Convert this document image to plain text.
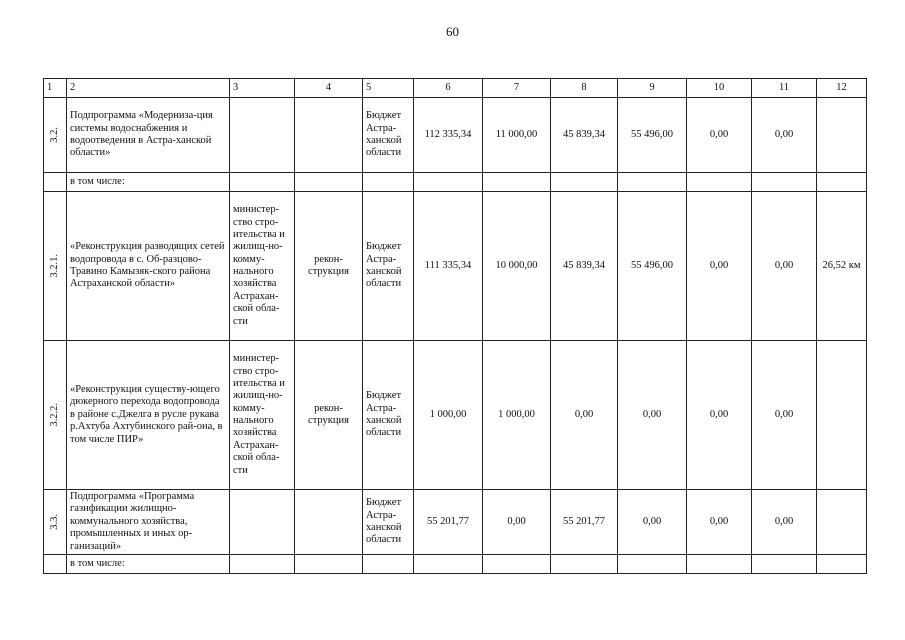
60
1	2	3	4	5	6	7	8	9	10	11	12

3.2.	Подпрограмма «Модерниза-ция системы водоснабжения и водоотведения в Астра-ханской области»			Бюджет Астра-ханской области	112 335,34	11 000,00	45 839,34	55 496,00	0,00	0,00	
	в том числе:										

3.2.1.	«Реконструкция разводящих сетей водопровода в с. Об-разцово-Травино Камызяк-ского района Астраханской области»	министер-ство стро-ительства и жилищ-но-комму-нального хозяйства Астрахан-ской обла-сти	рекон-струкция	Бюджет Астра-ханской области	111 335,34	10 000,00	45 839,34	55 496,00	0,00	0,00	26,52 км

3.2.2.	«Реконструкция существу-ющего дюкерного перехода водопровода в районе с.Джелга в русле рукава р.Ахтуба Ахтубинского рай-она, в том числе ПИР»	министер-ство стро-ительства и жилищ-но-комму-нального хозяйства Астрахан-ской обла-сти	рекон-струкция	Бюджет Астра-ханской области	1 000,00	1 000,00	0,00	0,00	0,00	0,00	

3.3.	Подпрограмма «Программа газификации жилищно-коммунального хозяйства, промышленных и иных ор-ганизаций»			Бюджет Астра-ханской области	55 201,77	0,00	55 201,77	0,00	0,00	0,00	
	в том числе:										
